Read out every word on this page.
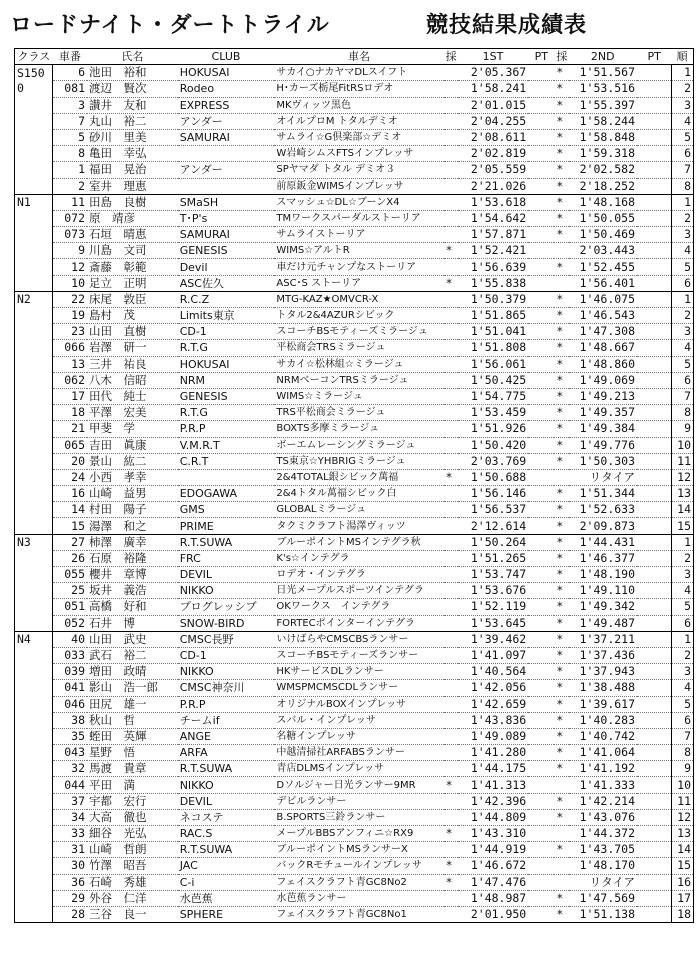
ロードナイト・ダートトライル	競技結果成績表
クラス	車番	氏名	CLUB	車名	採	1ST	PT	採	2ND	PT	順
S150	6	池田　裕和	HOKUSAI	サカイ○ナカヤマDLスイフト		2'05.367		*	1'51.567		1
0	081	渡辺　賢次	Rodeo	H･カーズ栃尾FitRSロデオ		1'58.241		*	1'53.516		2
	3	讃井　友和	EXPRESS	MKヴィッツ黒色		2'01.015		*	1'55.397		3
	7	丸山　裕二	アンダー	オイルプロM トタルデミオ		2'04.255		*	1'58.244		4
	5	砂川　里美	SAMURAI	サムライ☆G倶楽部☆デミオ		2'08.611		*	1'58.848		5
	8	亀田　幸弘		W岩崎シムスFTSインプレッサ		2'02.819		*	1'59.318		6
	1	福田　晃治	アンダー	SPヤマダ トタル デミオ３		2'05.559		*	2'02.582		7
	2	室井　理恵		前原鈑金WIMSインプレッサ		2'21.026		*	2'18.252		8
N1	11	田島　良樹	SMaSH	スマッシュ☆DL☆ブーンX4		1'53.618		*	1'48.168		1
	072	原　靖彦	T･P's	TMワークスパーダルストーリア		1'54.642		*	1'50.055		2
	073	石垣　晴恵	SAMURAI	サムライストーリア		1'57.871		*	1'50.469		3
	9	川島　文司	GENESIS	WIMS☆アルトR	*	1'52.421			2'03.443		4
	12	斎藤　彰範	Devil	車だけ元チャンプなストーリア		1'56.639		*	1'52.455		5
	10	足立　正明	ASC佐久	ASC･S ストーリア	*	1'55.838			1'56.401		6
N2	22	床尾　敦臣	R.C.Z	MTG-KAZ★OMVCR-X		1'50.379		*	1'46.075		1
	19	島村　茂	Limits東京	トタル2&4AZURシビック		1'51.865		*	1'46.543		2
	23	山田　直樹	CD-1	スコーチBSモティーズミラージュ		1'51.041		*	1'47.308		3
	066	岩澤　研一	R.T.G	平松商会TRSミラージュ		1'51.808		*	1'48.667		4
	13	三井　祐良	HOKUSAI	サカイ☆松林組☆ミラージュ		1'56.061		*	1'48.860		5
	062	八木　信昭	NRM	NRMベーコンTRSミラージュ		1'50.425		*	1'49.069		6
	17	田代　純士	GENESIS	WIMS☆ミラージュ		1'54.775		*	1'49.213		7
	18	平澤　宏美	R.T.G	TRS平松商会ミラージュ		1'53.459		*	1'49.357		8
	21	甲斐　学	P.R.P	BOXTS多摩ミラージュ		1'51.926		*	1'49.384		9
	065	吉田　眞康	V.M.R.T	ボーエムレーシングミラージュ		1'50.420		*	1'49.776		10
	20	景山　紘二	C.R.T	TS東京☆YHBRIGミラージュ		2'03.769		*	1'50.303		11
	24	小西　孝幸		2&4TOTAL銀シビック萬福	*	1'50.688			リタイア		12
	16	山崎　益男	EDOGAWA	2&4トタル萬福シビック白		1'56.146		*	1'51.344		13
	14	村田　陽子	GMS	GLOBALミラージュ		1'56.537		*	1'52.633		14
	15	湯澤　和之	PRIME	タクミクラフト湯澤ヴィッツ		2'12.614		*	2'09.873		15
N3	27	柿澤　廣幸	R.T.SUWA	ブルーポイントMSインテグラ秋		1'50.264		*	1'44.431		1
	26	石原　裕隆	FRC	K's☆インテグラ		1'51.265		*	1'46.377		2
	055	櫻井　章博	DEVIL	ロデオ・インテグラ		1'53.747		*	1'48.190		3
	25	坂井　義浩	NIKKO	日光メープルスポーツインテグラ		1'53.676		*	1'49.110		4
	051	高橋　好和	プログレッシブ	OKワークス　インテグラ		1'52.119		*	1'49.342		5
	052	石井　博	SNOW-BIRD	FORTECポインターインテグラ		1'53.645		*	1'49.487		6
N4	40	山田　武史	CMSC長野	いけばらやCMSCBSランサー		1'39.462		*	1'37.211		1
	033	武石　裕二	CD-1	スコーチBSモティーズランサー		1'41.097		*	1'37.436		2
	039	増田　政晴	NIKKO	HKサービスDLランサー		1'40.564		*	1'37.943		3
	041	影山　浩一郎	CMSC神奈川	WMSPMCMSCDLランサー		1'42.056		*	1'38.488		4
	046	田尻　雄一	P.R.P	オリジナルBOXインプレッサ		1'42.659		*	1'39.617		5
	38	秋山　哲	チームif	スバル・インプレッサ		1'43.836		*	1'40.283		6
	35	蛭田　英輝	ANGE	名糖インプレッサ		1'49.089		*	1'40.742		7
	043	星野　悟	ARFA	中越清掃社ARFABSランサー		1'41.280		*	1'41.064		8
	32	馬渡　貴章	R.T.SUWA	青店DLMSインプレッサ		1'44.175		*	1'41.192		9
	044	平田　満	NIKKO	Dソルジャー日光ランサー9MR	*	1'41.313			1'41.333		10
	37	宇都　宏行	DEVIL	デビルランサー		1'42.396		*	1'42.214		11
	34	大高　徹也	ネコステ	B.SPORTS三鈴ランサー		1'44.809		*	1'43.076		12
	33	細谷　光弘	RAC.S	メープルBBSアンフィニ☆RX9	*	1'43.310			1'44.372		13
	31	山崎　哲朗	R.T.SUWA	ブルーポイントMSランサーX		1'44.919		*	1'43.705		14
	30	竹澤　昭吾	JAC	バックRモチュールインプレッサ	*	1'46.672			1'48.170		15
	36	石崎　秀雄	C-i	フェイスクラフト青GC8No2	*	1'47.476			リタイア		16
	29	外谷　仁洋	水芭蕉	水芭蕉ランサー		1'48.987		*	1'47.569		17
	28	三谷　良一	SPHERE	フェイスクラフト青GC8No1		2'01.950		*	1'51.138		18
